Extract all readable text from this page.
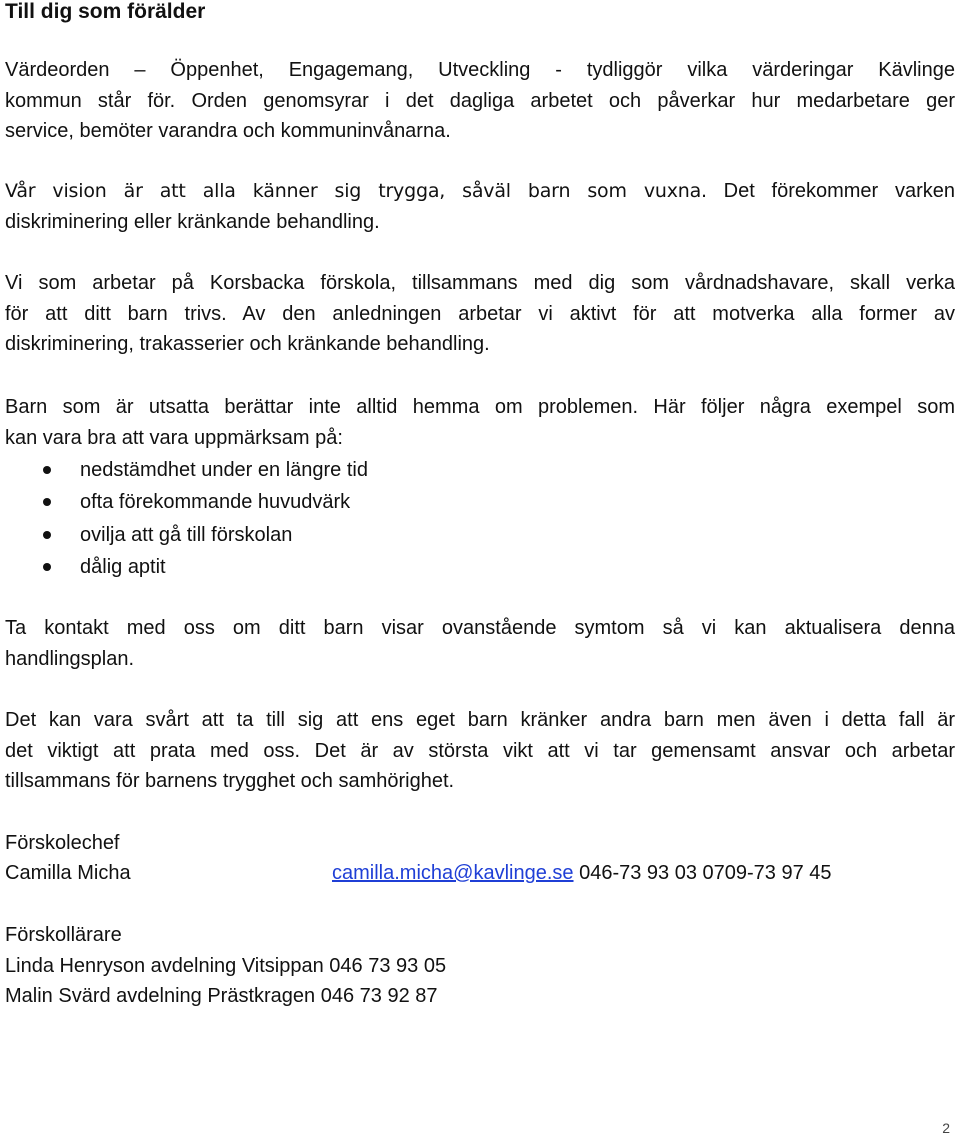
Till dig som förälder

Värdeorden – Öppenhet, Engagemang, Utveckling - tydliggör vilka värderingar Kävlinge
kommun står för. Orden genomsyrar i det dagliga arbetet och påverkar hur medarbetare ger
service, bemöter varandra och kommuninvånarna.

Vår vision är att alla känner sig trygga, såväl barn som vuxna. Det förekommer varken
diskriminering eller kränkande behandling.

Vi som arbetar på Korsbacka förskola, tillsammans med dig som vårdnadshavare, skall verka
för att ditt barn trivs. Av den anledningen arbetar vi aktivt för att motverka alla former av
diskriminering, trakasserier och kränkande behandling.

Barn som är utsatta berättar inte alltid hemma om problemen. Här följer några exempel som
kan vara bra att vara uppmärksam på:

nedstämdhet under en längre tid
ofta förekommande huvudvärk
ovilja att gå till förskolan
dålig aptit

Ta kontakt med oss om ditt barn visar ovanstående symtom så vi kan aktualisera denna
handlingsplan.

Det kan vara svårt att ta till sig att ens eget barn kränker andra barn men även i detta fall är
det viktigt att prata med oss. Det är av största vikt att vi tar gemensamt ansvar och arbetar
tillsammans för barnens trygghet och samhörighet.

Förskolechef
Camilla Micha	camilla.micha@kavlinge.se 046-73 93 03 0709-73 97 45
Förskollärare
Linda Henryson avdelning Vitsippan 046 73 93 05
Malin Svärd avdelning Prästkragen 046 73 92 87
2
